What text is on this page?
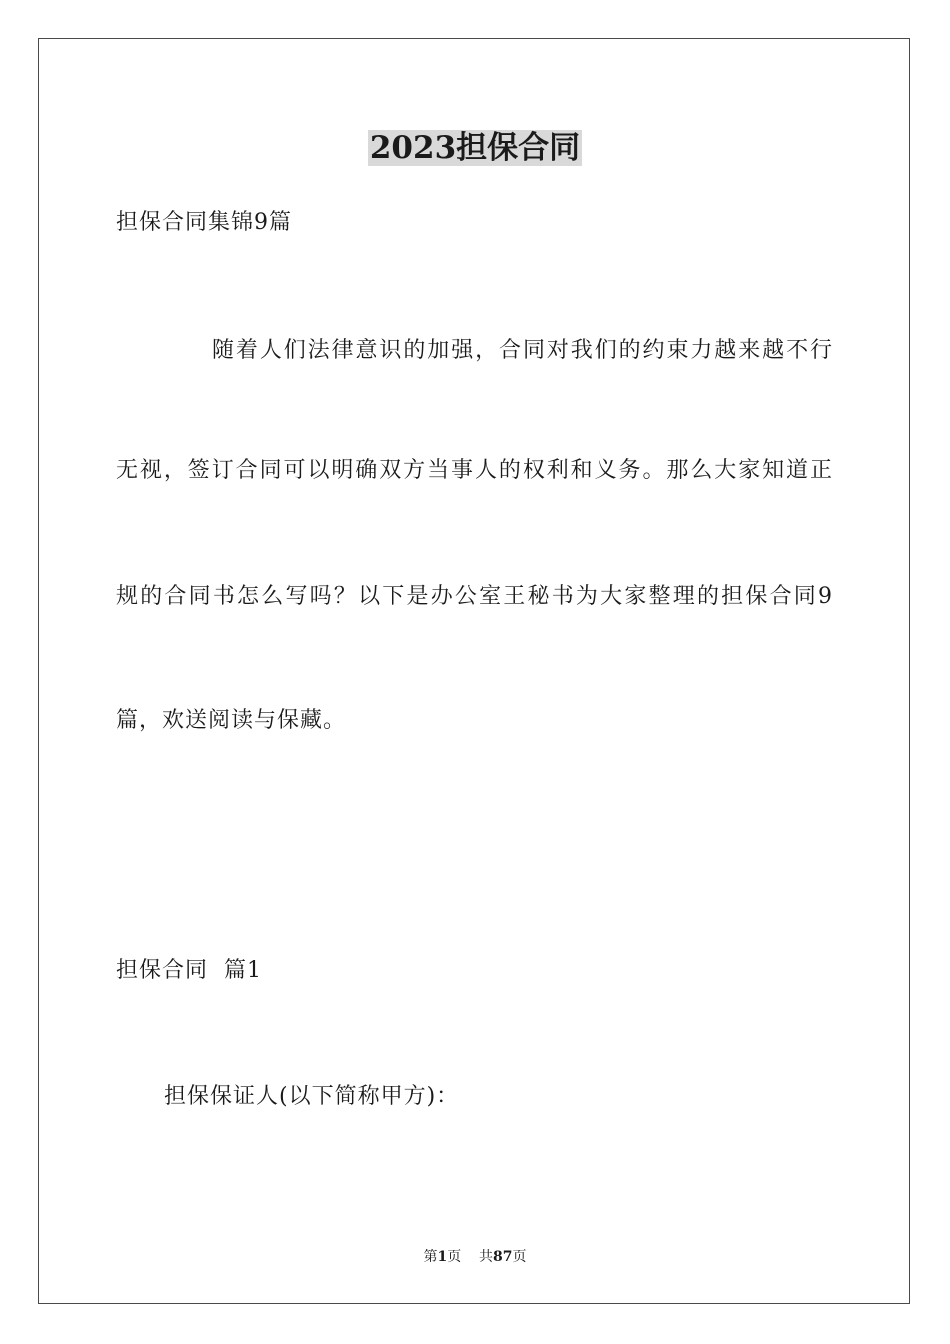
2023担保合同
担保合同集锦9篇
随着人们法律意识的加强，合同对我们的约束力越来越不行
无视，签订合同可以明确双方当事人的权利和义务。那么大家知道正
规的合同书怎么写吗？以下是办公室王秘书为大家整理的担保合同9
篇，欢送阅读与保藏。
担保合同  篇1
担保保证人(以下简称甲方)：
第1页 共87页
